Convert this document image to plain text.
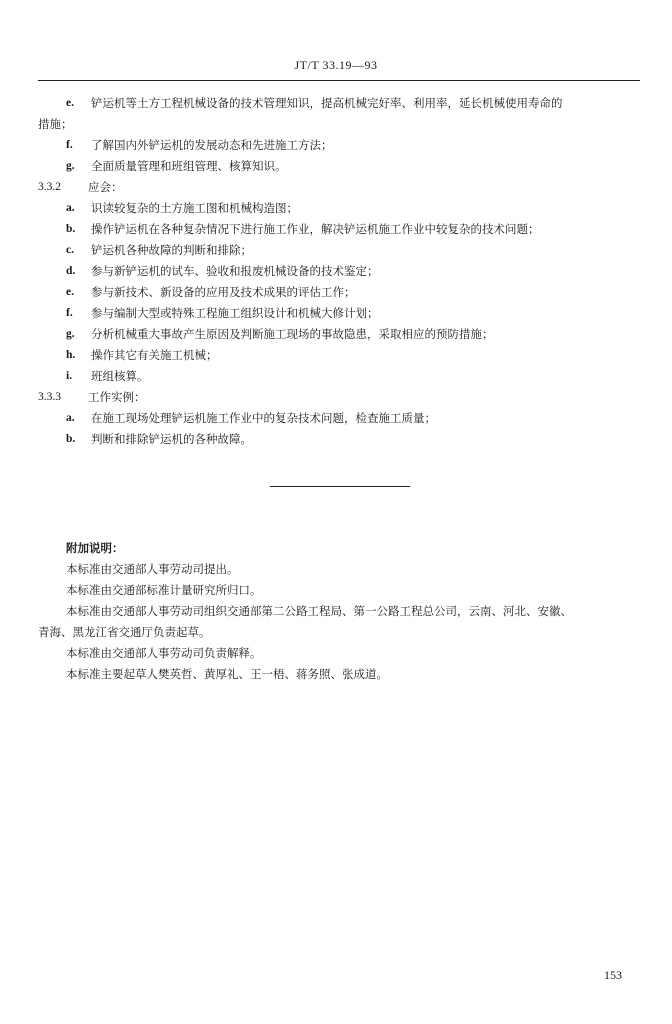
JT/T 33.19—93
e.	铲运机等土方工程机械设备的技术管理知识，提高机械完好率、利用率，延长机械使用寿命的
措施；
f.	了解国内外铲运机的发展动态和先进施工方法；
g.	全面质量管理和班组管理、核算知识。
3.3.2 应会：
a.	识读较复杂的土方施工图和机械构造图；
b.	操作铲运机在各种复杂情况下进行施工作业，解决铲运机施工作业中较复杂的技术问题；
c.	铲运机各种故障的判断和排除；
d.	参与新铲运机的试车、验收和报废机械设备的技术鉴定；
e.	参与新技术、新设备的应用及技术成果的评估工作；
f.	参与编制大型或特殊工程施工组织设计和机械大修计划；
g.	分析机械重大事故产生原因及判断施工现场的事故隐患，采取相应的预防措施；
h.	操作其它有关施工机械；
i.	班组核算。
3.3.3 工作实例：
a.	在施工现场处理铲运机施工作业中的复杂技术问题，检查施工质量；
b.	判断和排除铲运机的各种故障。
附加说明：
本标准由交通部人事劳动司提出。
本标准由交通部标准计量研究所归口。
本标准由交通部人事劳动司组织交通部第二公路工程局、第一公路工程总公司，云南、河北、安徽、
青海、黑龙江省交通厅负责起草。
本标准由交通部人事劳动司负责解释。
本标准主要起草人樊英哲、黄厚礼、王一梧、蒋务照、张成道。
153
